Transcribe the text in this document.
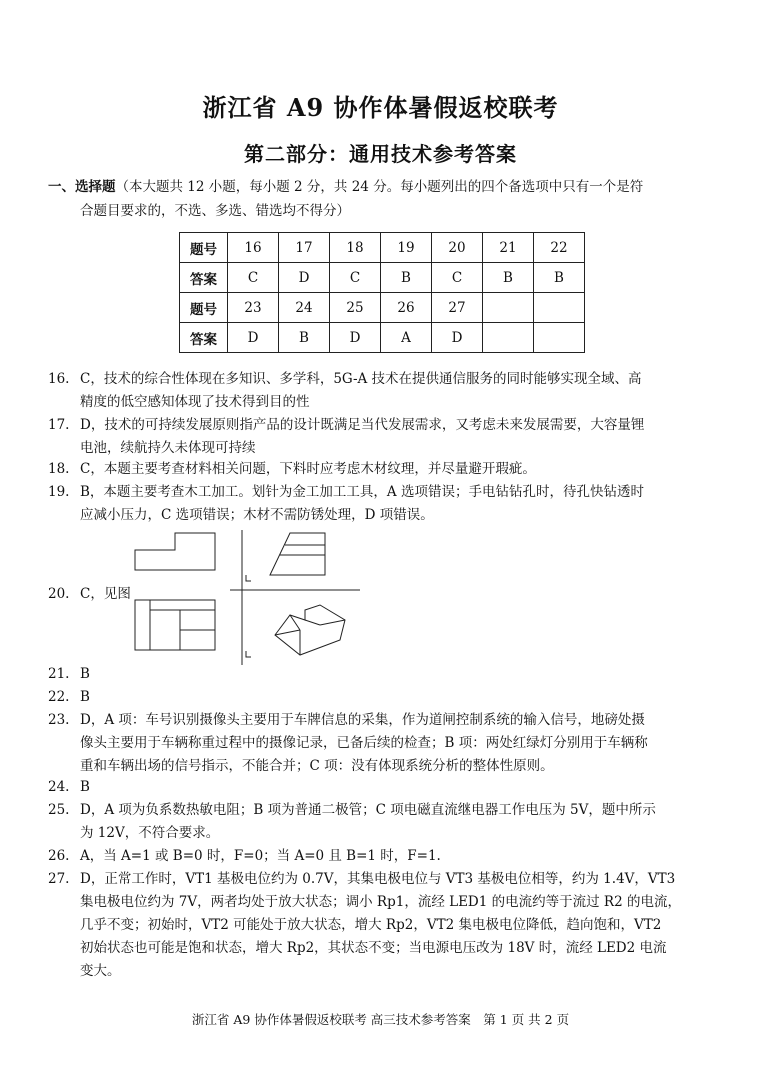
浙江省 A9 协作体暑假返校联考
第二部分：通用技术参考答案
一、选择题（本大题共 12 小题，每小题 2 分，共 24 分。每小题列出的四个备选项中只有一个是符
合题目要求的，不选、多选、错选均不得分）
题号	16	17	18	19	20	21	22
答案	C	D	C	B	C	B	B
题号	23	24	25	26	27		
答案	D	B	D	A	D		
16. C，技术的综合性体现在多知识、多学科，5G-A 技术在提供通信服务的同时能够实现全域、高
精度的低空感知体现了技术得到目的性
17. D，技术的可持续发展原则指产品的设计既满足当代发展需求，又考虑未来发展需要，大容量锂
电池，续航持久未体现可持续
18. C，本题主要考查材料相关问题，下料时应考虑木材纹理，并尽量避开瑕疵。
19. B，本题主要考查木工加工。划针为金工加工工具，A 选项错误；手电钻钻孔时，待孔快钻透时
应减小压力，C 选项错误；木材不需防锈处理，D 项错误。
20. C，见图
21. B
22. B
23. D，A 项：车号识别摄像头主要用于车牌信息的采集，作为道闸控制系统的输入信号，地磅处摄
像头主要用于车辆称重过程中的摄像记录，已备后续的检查；B 项：两处红绿灯分别用于车辆称
重和车辆出场的信号指示，不能合并；C 项：没有体现系统分析的整体性原则。
24. B
25. D，A 项为负系数热敏电阻；B 项为普通二极管；C 项电磁直流继电器工作电压为 5V，题中所示
为 12V，不符合要求。
26. A，当 A=1 或 B=0 时，F=0；当 A=0 且 B=1 时，F=1.
27. D，正常工作时，VT1 基极电位约为 0.7V，其集电极电位与 VT3 基极电位相等，约为 1.4V，VT3
集电极电位约为 7V，两者均处于放大状态；调小 Rp1，流经 LED1 的电流约等于流过 R2 的电流，
几乎不变；初始时，VT2 可能处于放大状态，增大 Rp2，VT2 集电极电位降低，趋向饱和，VT2
初始状态也可能是饱和状态，增大 Rp2，其状态不变；当电源电压改为 18V 时，流经 LED2 电流
变大。
浙江省 A9 协作体暑假返校联考 高三技术参考答案　第 1 页 共 2 页
